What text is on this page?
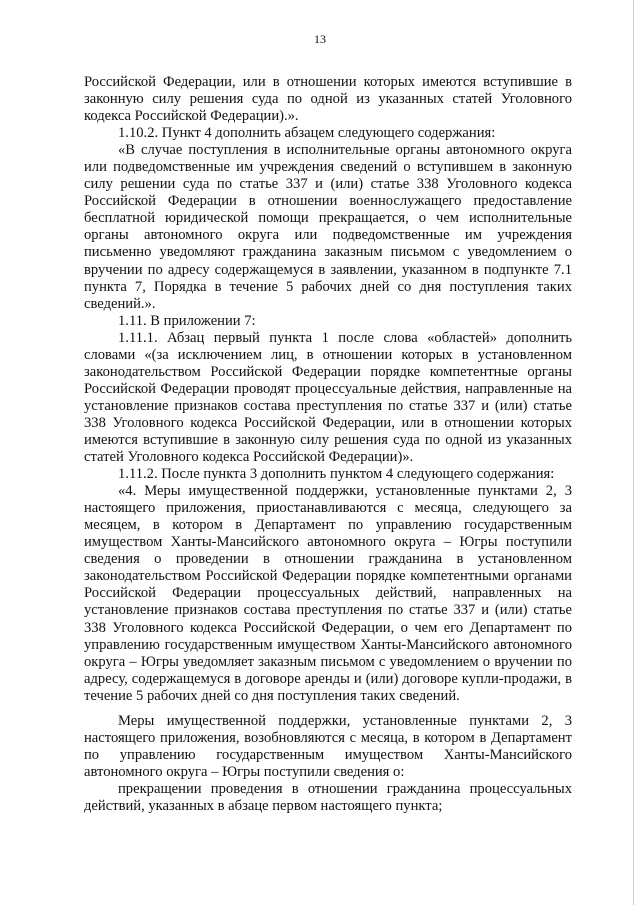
13

Российской Федерации, или в отношении которых имеются вступившие в законную силу решения суда по одной из указанных статей Уголовного кодекса Российской Федерации).».

1.10.2. Пункт 4 дополнить абзацем следующего содержания:

«В случае поступления в исполнительные органы автономного округа или подведомственные им учреждения сведений о вступившем в законную силу решении суда по статье 337 и (или) статье 338 Уголовного кодекса Российской Федерации в отношении военнослужащего предоставление бесплатной юридической помощи прекращается, о чем исполнительные органы автономного округа или подведомственные им учреждения письменно уведомляют гражданина заказным письмом с уведомлением о вручении по адресу содержащемуся в заявлении, указанном в подпункте 7.1 пункта 7, Порядка в течение 5 рабочих дней со дня поступления таких сведений.».

1.11. В приложении 7:

1.11.1. Абзац первый пункта 1 после слова «областей» дополнить словами «(за исключением лиц, в отношении которых в установленном законодательством Российской Федерации порядке компетентные органы Российской Федерации проводят процессуальные действия, направленные на установление признаков состава преступления по статье 337 и (или) статье 338 Уголовного кодекса Российской Федерации, или в отношении которых имеются вступившие в законную силу решения суда по одной из указанных статей Уголовного кодекса Российской Федерации)».

1.11.2. После пункта 3 дополнить пунктом 4 следующего содержания:

«4. Меры имущественной поддержки, установленные пунктами 2, 3 настоящего приложения, приостанавливаются с месяца, следующего за месяцем, в котором в Департамент по управлению государственным имуществом Ханты-Мансийского автономного округа – Югры поступили сведения о проведении в отношении гражданина в установленном законодательством Российской Федерации порядке компетентными органами Российской Федерации процессуальных действий, направленных на установление признаков состава преступления по статье 337 и (или) статье 338 Уголовного кодекса Российской Федерации, о чем его Департамент по управлению государственным имуществом Ханты-Мансийского автономного округа – Югры уведомляет заказным письмом с уведомлением о вручении по адресу, содержащемуся в договоре аренды и (или) договоре купли-продажи, в течение 5 рабочих дней со дня поступления таких сведений.

Меры имущественной поддержки, установленные пунктами 2, 3 настоящего приложения, возобновляются с месяца, в котором в Департамент по управлению государственным имуществом Ханты-Мансийского автономного округа – Югры поступили сведения о:

прекращении проведения в отношении гражданина процессуальных действий, указанных в абзаце первом настоящего пункта;
